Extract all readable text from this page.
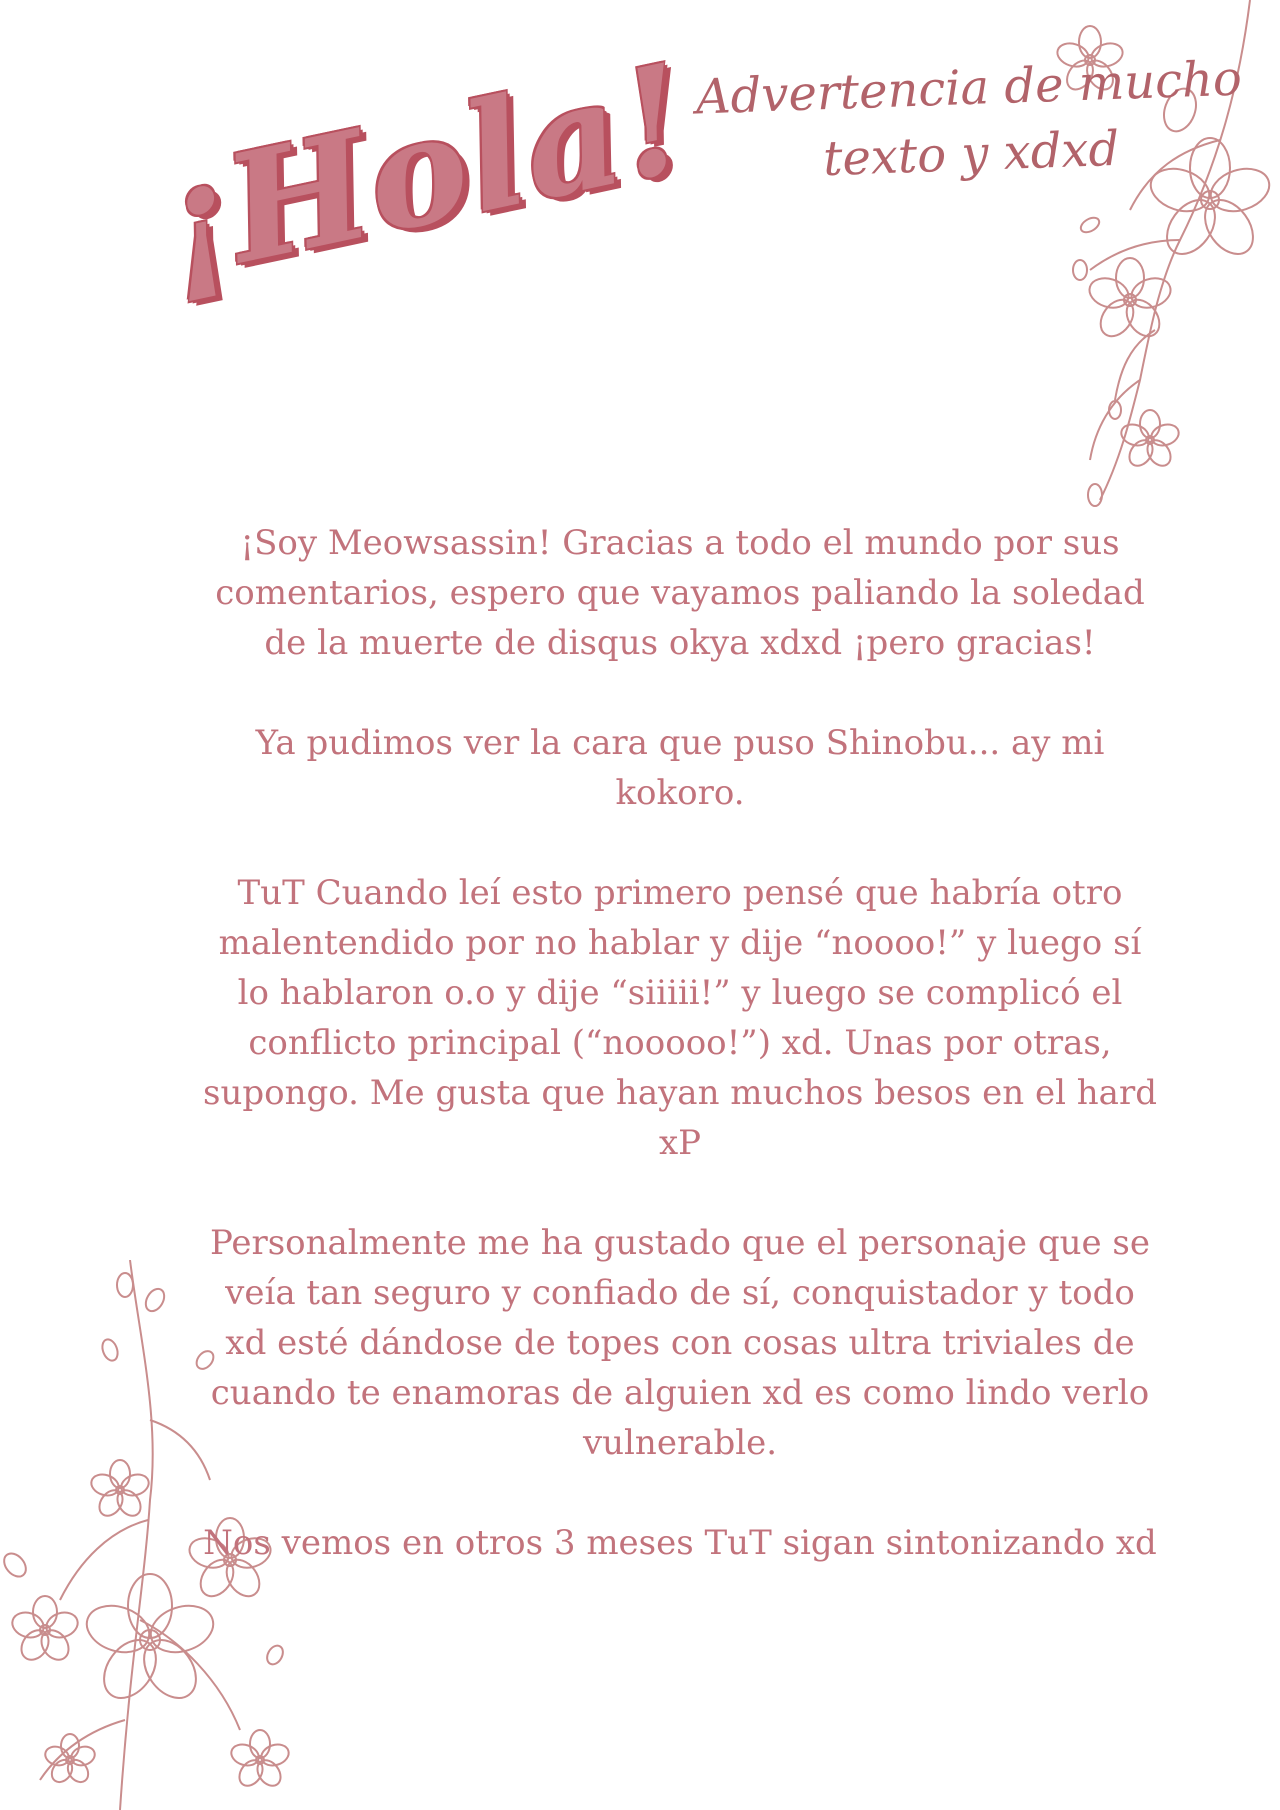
¡Hola!
Advertencia de mucho
texto y xdxd

¡Soy Meowsassin! Gracias a todo el mundo por sus comentarios, espero que vayamos paliando la soledad de la muerte de disqus okya xdxd ¡pero gracias!

Ya pudimos ver la cara que puso Shinobu... ay mi kokoro.

TuT Cuando leí esto primero pensé que habría otro malentendido por no hablar y dije “noooo!” y luego sí lo hablaron o.o y dije “siiiii!” y luego se complicó el conflicto principal (“nooooo!”) xd. Unas por otras, supongo. Me gusta que hayan muchos besos en el hard xP

Personalmente me ha gustado que el personaje que se veía tan seguro y confiado de sí, conquistador y todo xd esté dándose de topes con cosas ultra triviales de cuando te enamoras de alguien xd es como lindo verlo vulnerable.

Nos vemos en otros 3 meses TuT sigan sintonizando xd
